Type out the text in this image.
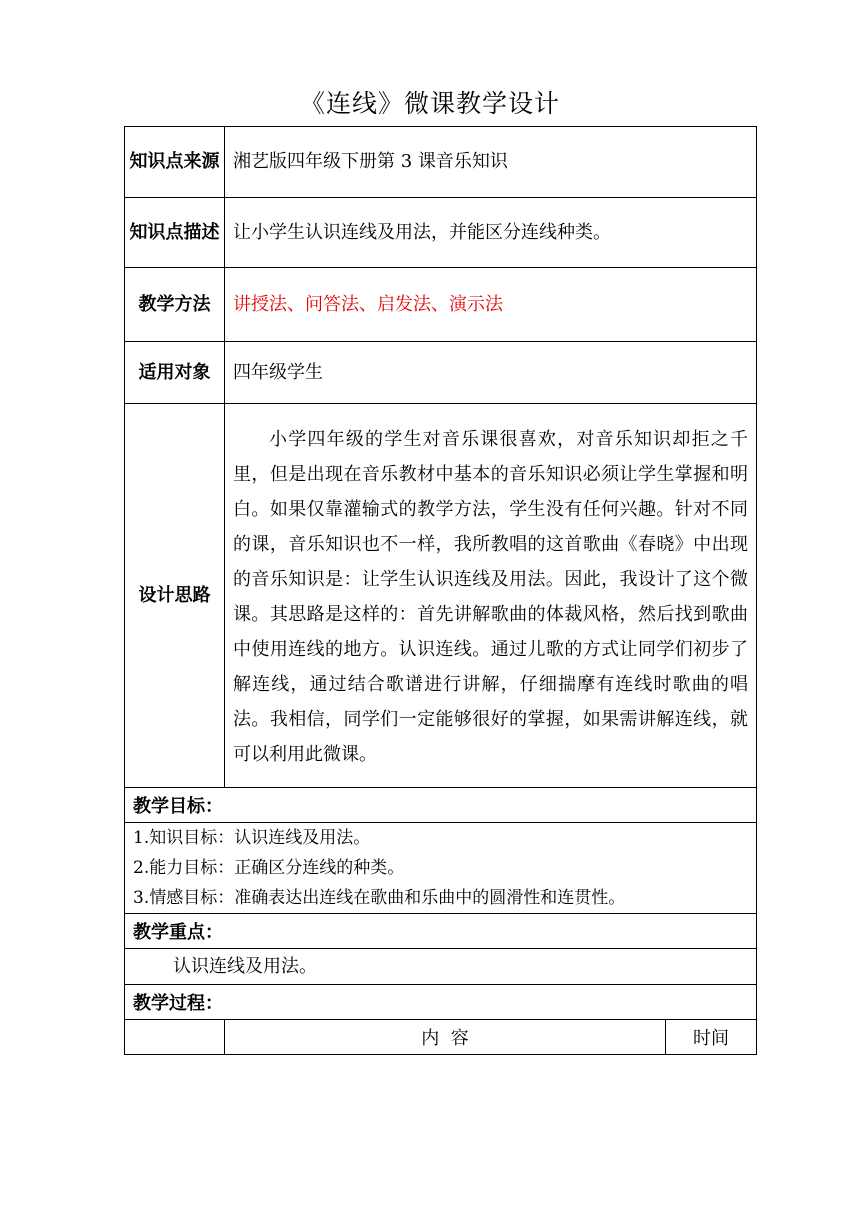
《连线》微课教学设计
知识点来源	湘艺版四年级下册第 3 课音乐知识	
知识点描述	让小学生认识连线及用法，并能区分连线种类。	
教学方法	讲授法、问答法、启发法、演示法	
适用对象	四年级学生	
设计思路	小学四年级的学生对音乐课很喜欢，对音乐知识却拒之千里，但是出现在音乐教材中基本的音乐知识必须让学生掌握和明白。如果仅靠灌输式的教学方法，学生没有任何兴趣。针对不同的课，音乐知识也不一样，我所教唱的这首歌曲《春晓》中出现的音乐知识是：让学生认识连线及用法。因此，我设计了这个微课。其思路是这样的：首先讲解歌曲的体裁风格，然后找到歌曲中使用连线的地方。认识连线。通过儿歌的方式让同学们初步了解连线，通过结合歌谱进行讲解，仔细揣摩有连线时歌曲的唱法。我相信，同学们一定能够很好的掌握，如果需讲解连线，就可以利用此微课。	
教学目标：		

1.知识目标：认识连线及用法。
2.能力目标：正确区分连线的种类。
3.情感目标：准确表达出连线在歌曲和乐曲中的圆滑性和连贯性。		

教学重点：		
认识连线及用法。		
教学过程：		
	内  容	时间
